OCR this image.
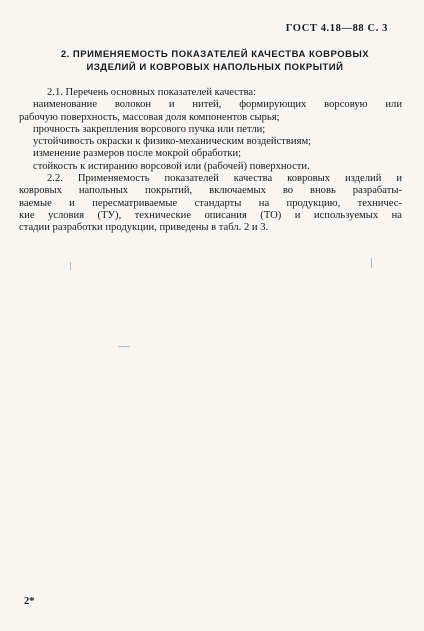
ГОСТ 4.18—88 С. 3
2. ПРИМЕНЯЕМОСТЬ ПОКАЗАТЕЛЕЙ КАЧЕСТВА КОВРОВЫХ
ИЗДЕЛИЙ И КОВРОВЫХ НАПОЛЬНЫХ ПОКРЫТИЙ
2.1. Перечень основных показателей качества:
наименование волокон и нитей, формирующих ворсовую или
рабочую поверхность, массовая доля компонентов сырья;
прочность закрепления ворсового пучка или петли;
устойчивость окраски к физико-механическим воздействиям;
изменение размеров после мокрой обработки;
стойкость к истиранию ворсовой или (рабочей) поверхности.
2.2. Применяемость показателей качества ковровых изделий и
ковровых напольных покрытий, включаемых во вновь разрабаты-
ваемые и пересматриваемые стандарты на продукцию, техничес-
кие условия (ТУ), технические описания (ТО) и используемых на
стадии разработки продукции, приведены в табл. 2 и 3.
2*
